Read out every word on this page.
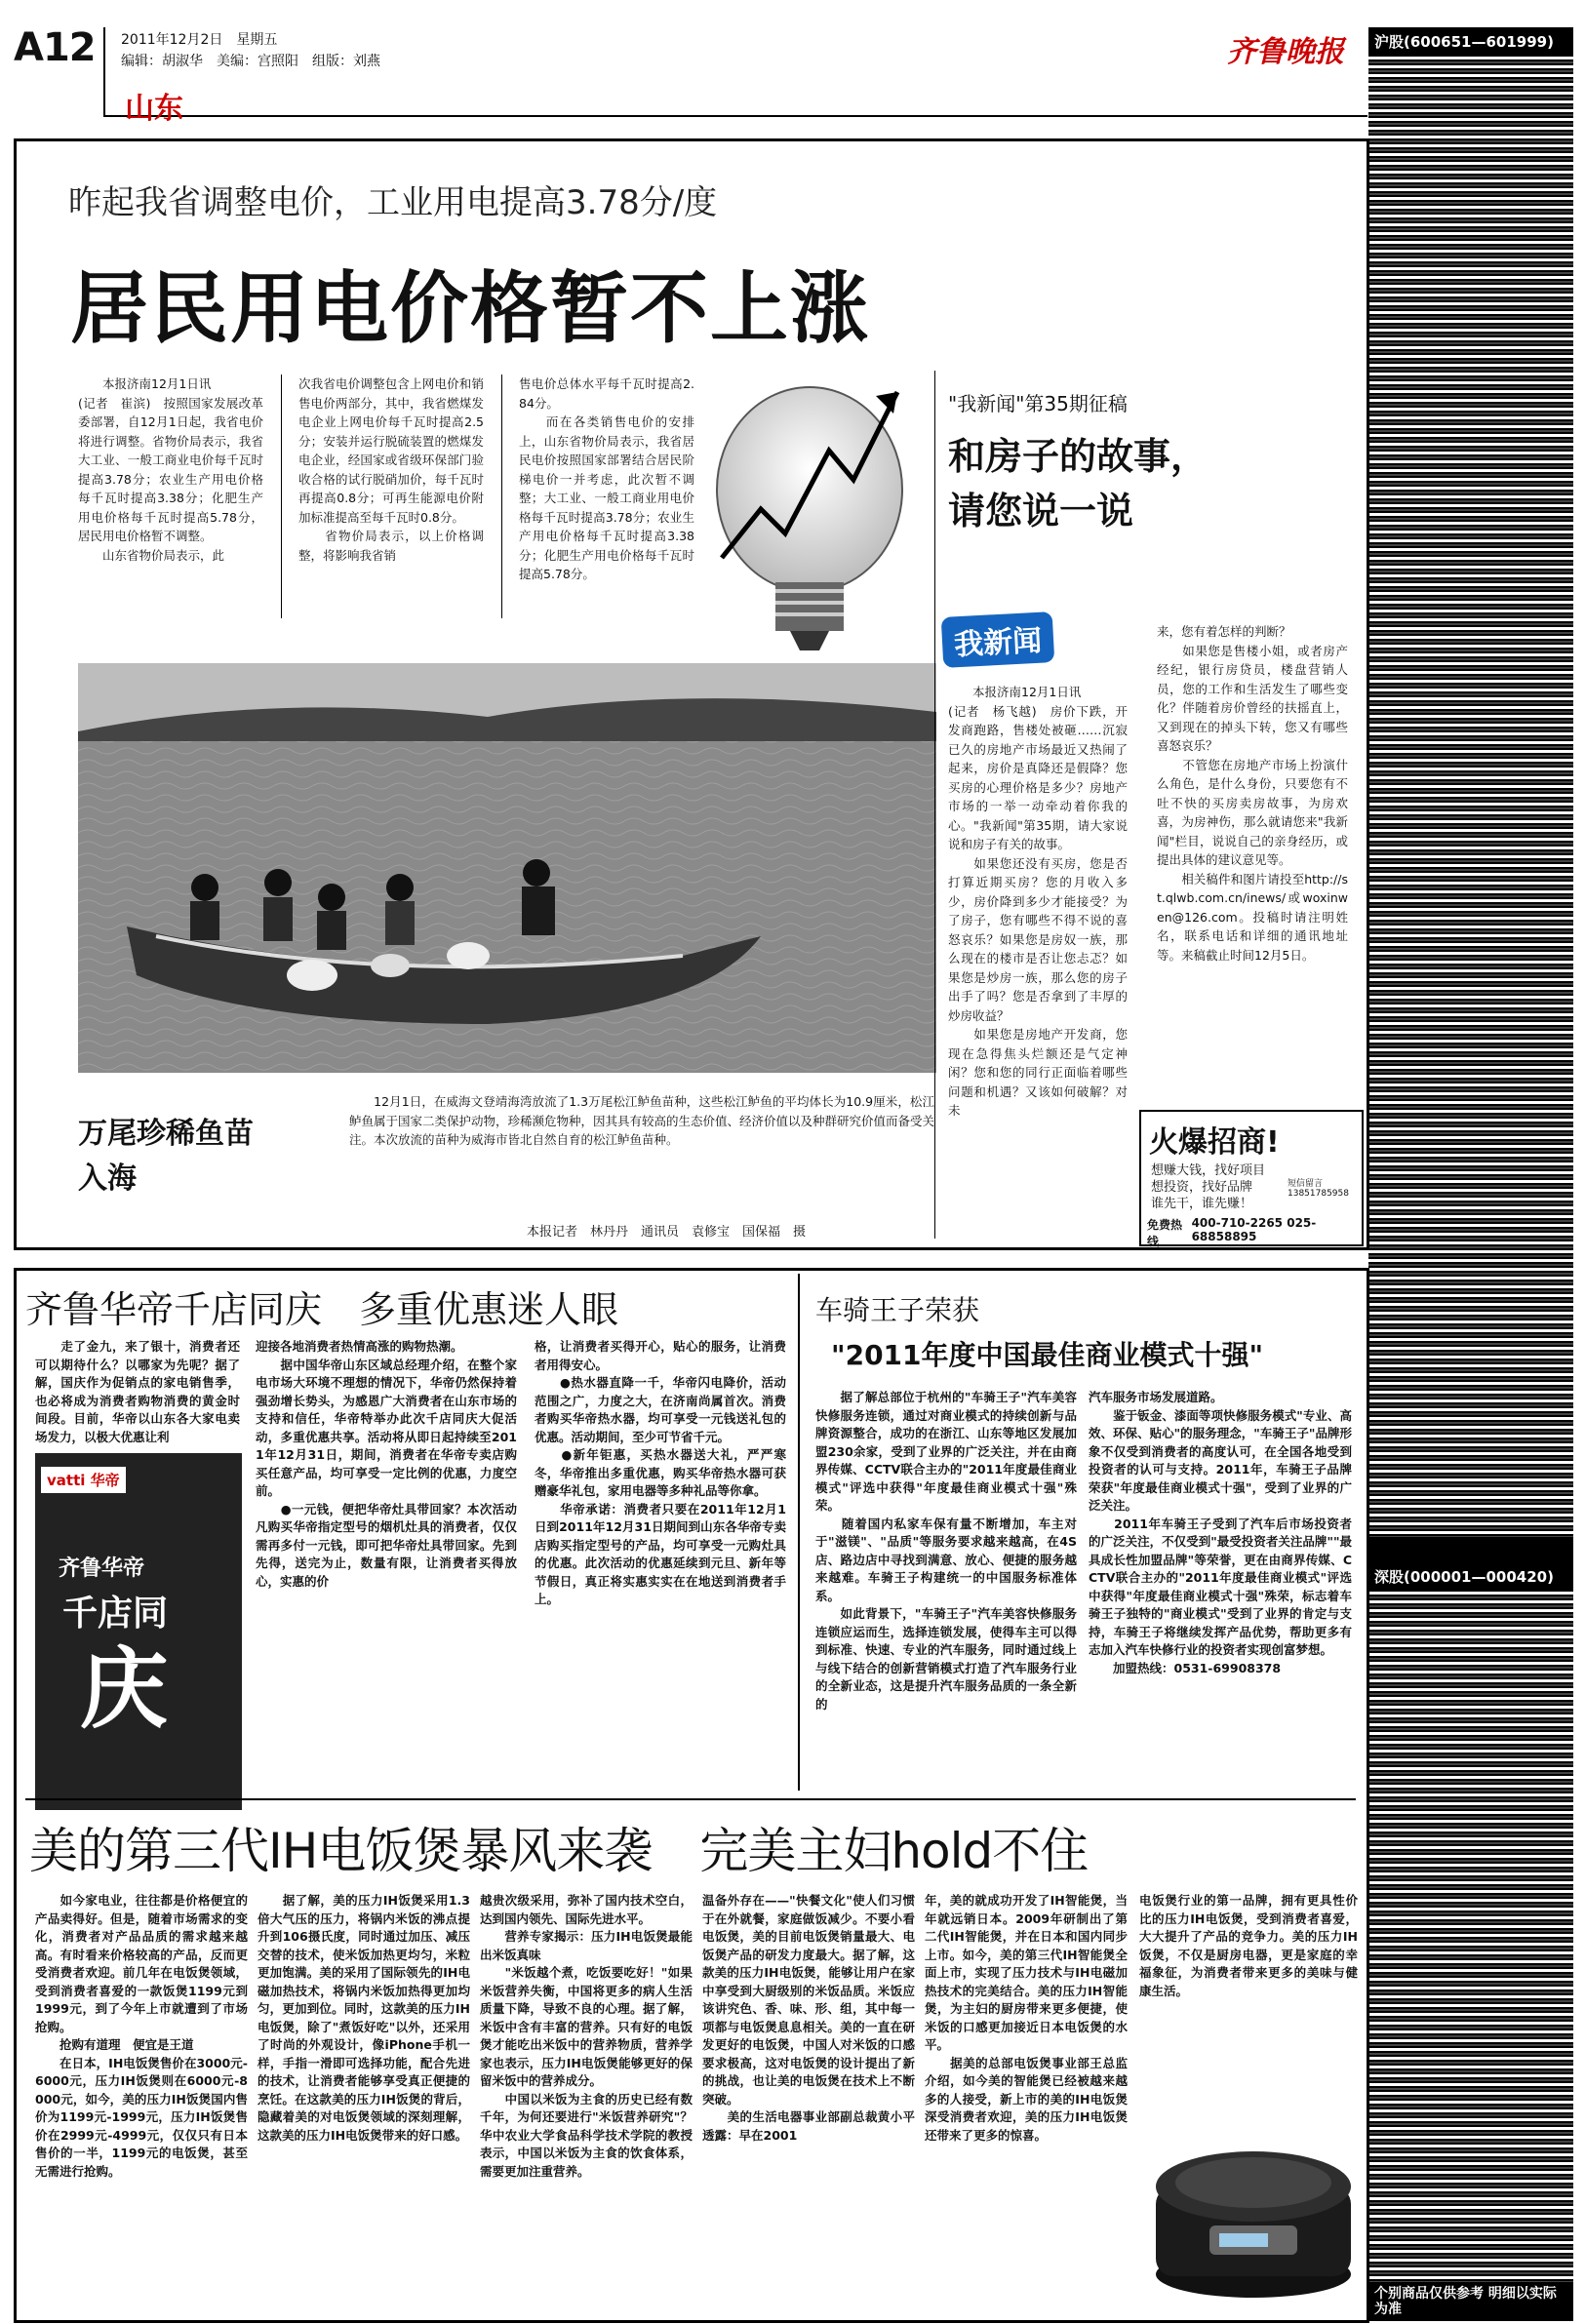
A12 2011年12月2日　星期五
编辑：胡淑华　美编：宫照阳　组版：刘燕
山东
齐鲁晚报	沪股(600651—601999)
深股(000001—000420)
昨起我省调整电价，工业用电提高3.78分/度
居民用电价格暂不上涨
　　本报济南12月1日讯
(记者　崔滨)　按照国家发展改革委部署，自12月1日起，我省电价将进行调整。省物价局表示，我省大工业、一般工商业电价每千瓦时提高3.78分；农业生产用电价格每千瓦时提高3.38分；化肥生产用电价格每千瓦时提高5.78分，居民用电价格暂不调整。
　　山东省物价局表示，此
次我省电价调整包含上网电价和销售电价两部分，其中，我省燃煤发电企业上网电价每千瓦时提高2.5分；安装并运行脱硫装置的燃煤发电企业，经国家或省级环保部门验收合格的试行脱硝加价，每千瓦时再提高0.8分；可再生能源电价附加标准提高至每千瓦时0.8分。
　　省物价局表示，以上价格调整，将影响我省销
售电价总体水平每千瓦时提高2.84分。
　　而在各类销售电价的安排上，山东省物价局表示，我省居民电价按照国家部署结合居民阶梯电价一并考虑，此次暂不调整；大工业、一般工商业用电价格每千瓦时提高3.78分；农业生产用电价格每千瓦时提高3.38分；化肥生产用电价格每千瓦时提高5.78分。
万尾珍稀鱼苗
入海
　　12月1日，在威海文登靖海湾放流了1.3万尾松江鲈鱼苗种，这些松江鲈鱼的平均体长为10.9厘米，松江鲈鱼属于国家二类保护动物，珍稀濒危物种，因其具有较高的生态价值、经济价值以及种群研究价值而备受关注。本次放流的苗种为威海市皆北自然自育的松江鲈鱼苗种。
本报记者　林丹丹　通讯员　袁修宝　国保福　摄
"我新闻"第35期征稿
和房子的故事，
请您说一说
我新闻
　　本报济南12月1日讯
(记者　杨飞越)　房价下跌，开发商跑路，售楼处被砸……沉寂已久的房地产市场最近又热闹了起来，房价是真降还是假降？您买房的心理价格是多少？房地产市场的一举一动牵动着你我的心。"我新闻"第35期，请大家说说和房子有关的故事。
　　如果您还没有买房，您是否打算近期买房？您的月收入多少，房价降到多少才能接受？为了房子，您有哪些不得不说的喜怒哀乐？如果您是房奴一族，那么现在的楼市是否让您忐忑？如果您是炒房一族，那么您的房子出手了吗？您是否拿到了丰厚的炒房收益？
　　如果您是房地产开发商，您现在急得焦头烂额还是气定神闲？您和您的同行正面临着哪些问题和机遇？又该如何破解？对未
来，您有着怎样的判断？
　　如果您是售楼小姐，或者房产经纪，银行房贷员，楼盘营销人员，您的工作和生活发生了哪些变化？伴随着房价曾经的扶摇直上，又到现在的掉头下转，您又有哪些喜怒哀乐？
　　不管您在房地产市场上扮演什么角色，是什么身份，只要您有不吐不快的买房卖房故事，为房欢喜，为房神伤，那么就请您来"我新闻"栏目，说说自己的亲身经历，或提出具体的建议意见等。
　　相关稿件和图片请投至http://st.qlwb.com.cn/inews/或woxinwen@126.com。投稿时请注明姓名，联系电话和详细的通讯地址等。来稿截止时间12月5日。
火爆招商!
想赚大钱，找好项目
想投资，找好品牌
谁先干，谁先赚！
短信留言 13851785958
免费热线
400-710-2265 025-68858895
齐鲁华帝千店同庆　多重优惠迷人眼
　　走了金九，来了银十，消费者还可以期待什么？以哪家为先呢？据了解，国庆作为促销点的家电销售季，也必将成为消费者购物消费的黄金时间段。目前，华帝以山东各大家电卖场发力，以极大优惠让利
vatti 华帝
齐鲁华帝
千店同
庆
迎接各地消费者热情高涨的购物热潮。
　　据中国华帝山东区域总经理介绍，在整个家电市场大环境不理想的情况下，华帝仍然保持着强劲增长势头，为感恩广大消费者在山东市场的支持和信任，华帝特举办此次千店同庆大促活动，多重优惠共享。活动将从即日起持续至2011年12月31日，期间，消费者在华帝专卖店购买任意产品，均可享受一定比例的优惠，力度空前。
　　●一元钱，便把华帝灶具带回家？本次活动凡购买华帝指定型号的烟机灶具的消费者，仅仅需再多付一元钱，即可把华帝灶具带回家。先到先得，送完为止，数量有限，让消费者买得放心，实惠的价
格，让消费者买得开心，贴心的服务，让消费者用得安心。
　　●热水器直降一千，华帝闪电降价，活动范围之广，力度之大，在济南尚属首次。消费者购买华帝热水器，均可享受一元钱送礼包的优惠。活动期间，至少可节省千元。
　　●新年钜惠，买热水器送大礼，严严寒冬，华帝推出多重优惠，购买华帝热水器可获赠豪华礼包，家用电器等多种礼品等你拿。
　　华帝承诺：消费者只要在2011年12月1日到2011年12月31日期间到山东各华帝专卖店购买指定型号的产品，均可享受一元购灶具的优惠。此次活动的优惠延续到元旦、新年等节假日，真正将实惠实实在在地送到消费者手上。
车骑王子荣获
"2011年度中国最佳商业模式十强"
　　据了解总部位于杭州的"车骑王子"汽车美容快修服务连锁，通过对商业模式的持续创新与品牌资源整合，成功的在浙江、山东等地区发展加盟230余家，受到了业界的广泛关注，并在由商界传媒、CCTV联合主办的"2011年度最佳商业模式"评选中获得"年度最佳商业模式十强"殊荣。
　　随着国内私家车保有量不断增加，车主对于"滋镁"、"品质"等服务要求越来越高，在4S店、路边店中寻找到满意、放心、便捷的服务越来越难。车骑王子构建统一的中国服务标准体系。
　　如此背景下，"车骑王子"汽车美容快修服务连锁应运而生，选择连锁发展，使得车主可以得到标准、快速、专业的汽车服务，同时通过线上与线下结合的创新营销模式打造了汽车服务行业的全新业态，这是提升汽车服务品质的一条全新的
汽车服务市场发展道路。
　　鉴于钣金、漆面等项快修服务模式"专业、高效、环保、贴心"的服务理念，"车骑王子"品牌形象不仅受到消费者的高度认可，在全国各地受到投资者的认可与支持。2011年，车骑王子品牌荣获"年度最佳商业模式十强"，受到了业界的广泛关注。
　　2011年车骑王子受到了汽车后市场投资者的广泛关注，不仅受到"最受投资者关注品牌""最具成长性加盟品牌"等荣誉，更在由商界传媒、CCTV联合主办的"2011年度最佳商业模式"评选中获得"年度最佳商业模式十强"殊荣，标志着车骑王子独特的"商业模式"受到了业界的肯定与支持，车骑王子将继续发挥产品优势，帮助更多有志加入汽车快修行业的投资者实现创富梦想。
　　加盟热线：0531-69908378
美的第三代IH电饭煲暴风来袭　完美主妇hold不住
　　如今家电业，往往都是价格便宜的产品卖得好。但是，随着市场需求的变化，消费者对产品品质的需求越来越高。有时看来价格较高的产品，反而更受消费者欢迎。前几年在电饭煲领域，受到消费者喜爱的一款饭煲1199元到1999元，到了今年上市就遭到了市场抢购。
　　抢购有道理　便宜是王道
　　在日本，IH电饭煲售价在3000元-6000元，压力IH饭煲则在6000元-8000元，如今，美的压力IH饭煲国内售价为1199元-1999元，压力IH饭煲售价在2999元-4999元，仅仅只有日本售价的一半，1199元的电饭煲，甚至无需进行抢购。
　　据了解，美的压力IH饭煲采用1.3倍大气压的压力，将锅内米饭的沸点提升到106摄氏度，同时通过加压、减压交替的技术，使米饭加热更均匀，米粒更加饱满。美的采用了国际领先的IH电磁加热技术，将锅内米饭加热得更加均匀，更加到位。同时，这款美的压力IH电饭煲，除了"煮饭好吃"以外，还采用了时尚的外观设计，像iPhone手机一样，手指一滑即可选择功能，配合先进的技术，让消费者能够享受真正便捷的烹饪。在这款美的压力IH饭煲的背后，隐藏着美的对电饭煲领域的深刻理解，这款美的压力IH电饭煲带来的好口感。
越贵次级采用，弥补了国内技术空白，达到国内领先、国际先进水平。
　　营养专家揭示：压力IH电饭煲最能出米饭真味
　　"米饭越个煮，吃饭要吃好！"如果米饭营养失衡，中国将更多的病人生活质量下降，导致不良的心理。据了解，米饭中含有丰富的营养。只有好的电饭煲才能吃出米饭中的营养物质，营养学家也表示，压力IH电饭煲能够更好的保留米饭中的营养成分。
　　中国以米饭为主食的历史已经有数千年，为何还要进行"米饭营养研究"？华中农业大学食品科学技术学院的教授表示，中国以米饭为主食的饮食体系，需要更加注重营养。
温备外存在——"快餐文化"使人们习惯于在外就餐，家庭做饭减少。不要小看电饭煲，美的目前电饭煲销量最大、电饭煲产品的研发力度最大。据了解，这款美的压力IH电饭煲，能够让用户在家中享受到大厨级别的米饭品质。米饭应该讲究色、香、味、形、组，其中每一项都与电饭煲息息相关。美的一直在研发更好的电饭煲，中国人对米饭的口感要求极高，这对电饭煲的设计提出了新的挑战，也让美的电饭煲在技术上不断突破。
　　美的生活电器事业部副总裁黄小平透露：早在2001
年，美的就成功开发了IH智能煲，当年就远销日本。2009年研制出了第二代IH智能煲，并在日本和国内同步上市。如今，美的第三代IH智能煲全面上市，实现了压力技术与IH电磁加热技术的完美结合。美的压力IH智能煲，为主妇的厨房带来更多便捷，使米饭的口感更加接近日本电饭煲的水平。
　　据美的总部电饭煲事业部王总监介绍，如今美的智能煲已经被越来越多的人接受，新上市的美的IH电饭煲深受消费者欢迎，美的压力IH电饭煲还带来了更多的惊喜。
电饭煲行业的第一品牌，拥有更具性价比的压力IH电饭煲，受到消费者喜爱，大大提升了产品的竞争力。美的压力IH饭煲，不仅是厨房电器，更是家庭的幸福象征，为消费者带来更多的美味与健康生活。
个别商品仅供参考 明细以实际为准
